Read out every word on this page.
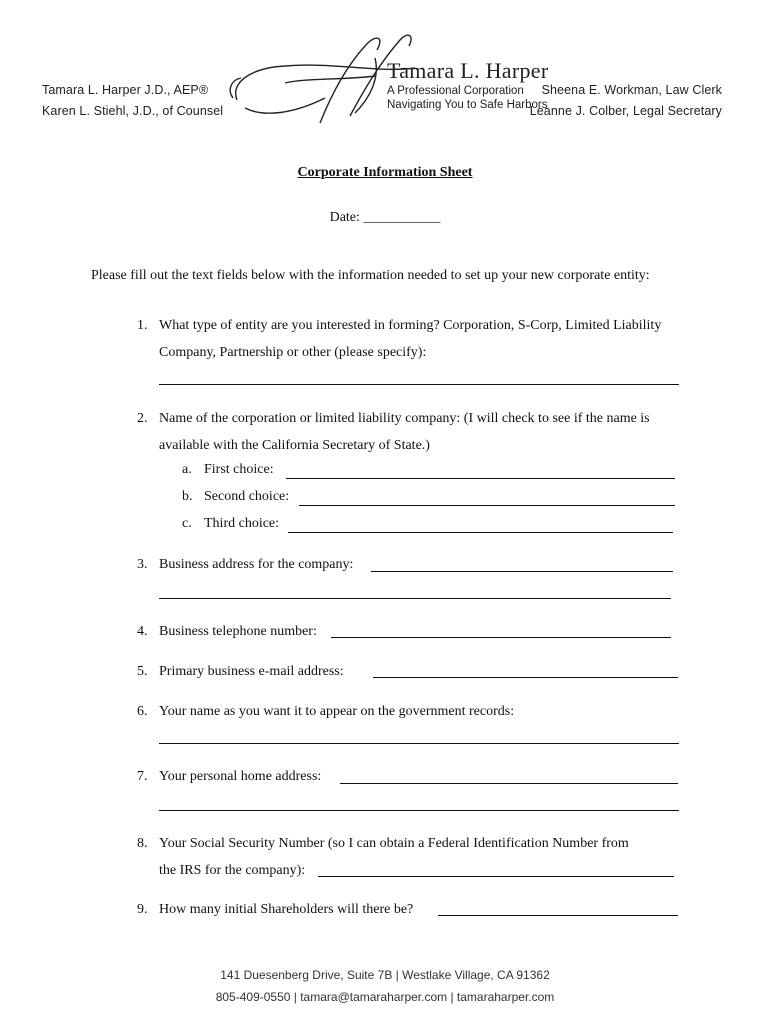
Tamara L. Harper J.D., AEP®
Karen L. Stiehl, J.D., of Counsel
Sheena E. Workman, Law Clerk
Leanne J. Colber, Legal Secretary
Tamara L. Harper
A Professional Corporation
Navigating You to Safe Harbors
Corporate Information Sheet
Date: ___________
Please fill out the text fields below with the information needed to set up your new corporate entity:
1. What type of entity are you interested in forming? Corporation, S-Corp, Limited Liability Company, Partnership or other (please specify):
2. Name of the corporation or limited liability company: (I will check to see if the name is available with the California Secretary of State.)
a. First choice:
b. Second choice:
c. Third choice:
3. Business address for the company:
4. Business telephone number:
5. Primary business e-mail address:
6. Your name as you want it to appear on the government records:
7. Your personal home address:
8. Your Social Security Number (so I can obtain a Federal Identification Number from
the IRS for the company):
9. How many initial Shareholders will there be?
141 Duesenberg Drive, Suite 7B | Westlake Village, CA 91362
805-409-0550 | tamara@tamaraharper.com | tamaraharper.com
